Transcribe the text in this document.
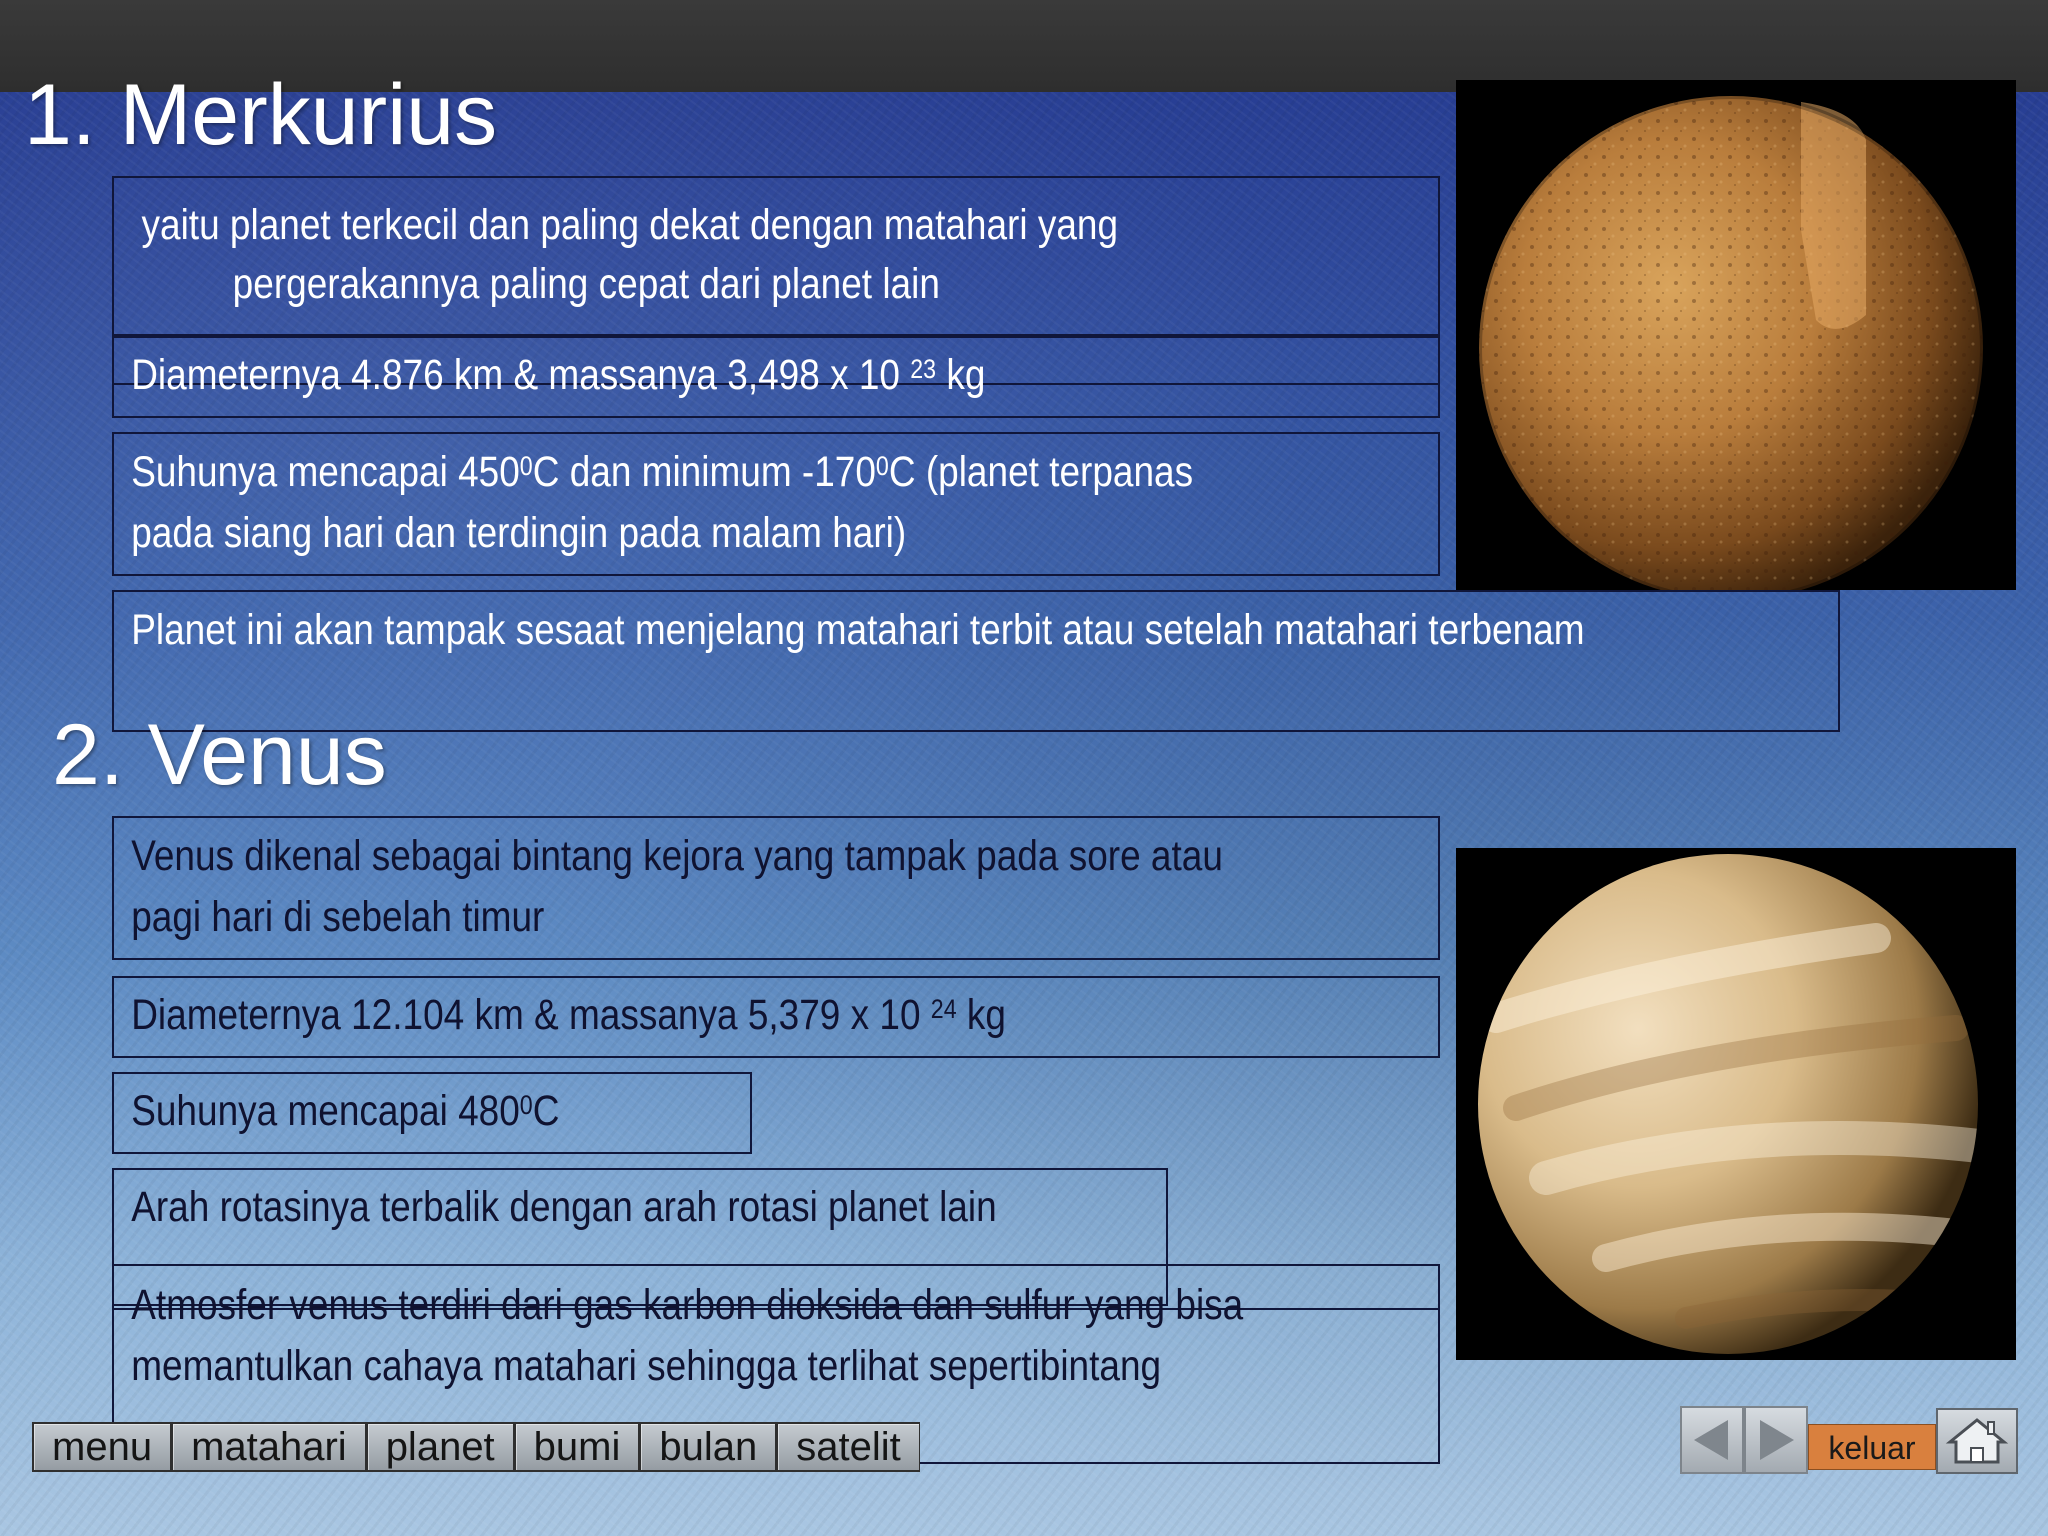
1. Merkurius
yaitu planet terkecil dan paling dekat dengan matahari yang
pergerakannya paling cepat dari planet lain
Diameternya 4.876 km & massanya 3,498 x 10 $^{23}$ kg
Suhunya mencapai $450^0C$ dan minimum $-170^0C$ (planet terpanas
pada siang hari dan terdingin pada malam hari)
Planet ini akan tampak sesaat menjelang matahari terbit atau setelah matahari terbenam
2. Venus
Venus dikenal sebagai bintang kejora yang tampak pada sore atau
pagi hari di sebelah timur
Diameternya 12.104 km & massanya 5,379 x 10 $^{24}$ kg
Suhunya mencapai $480^0C$
Arah rotasinya terbalik dengan arah rotasi planet lain
Atmosfer venus terdiri dari gas karbon dioksida dan sulfur yang bisa
memantulkan cahaya matahari sehingga terlihat sepertibintang
menu matahari planet bumi bulan satelit	keluar
